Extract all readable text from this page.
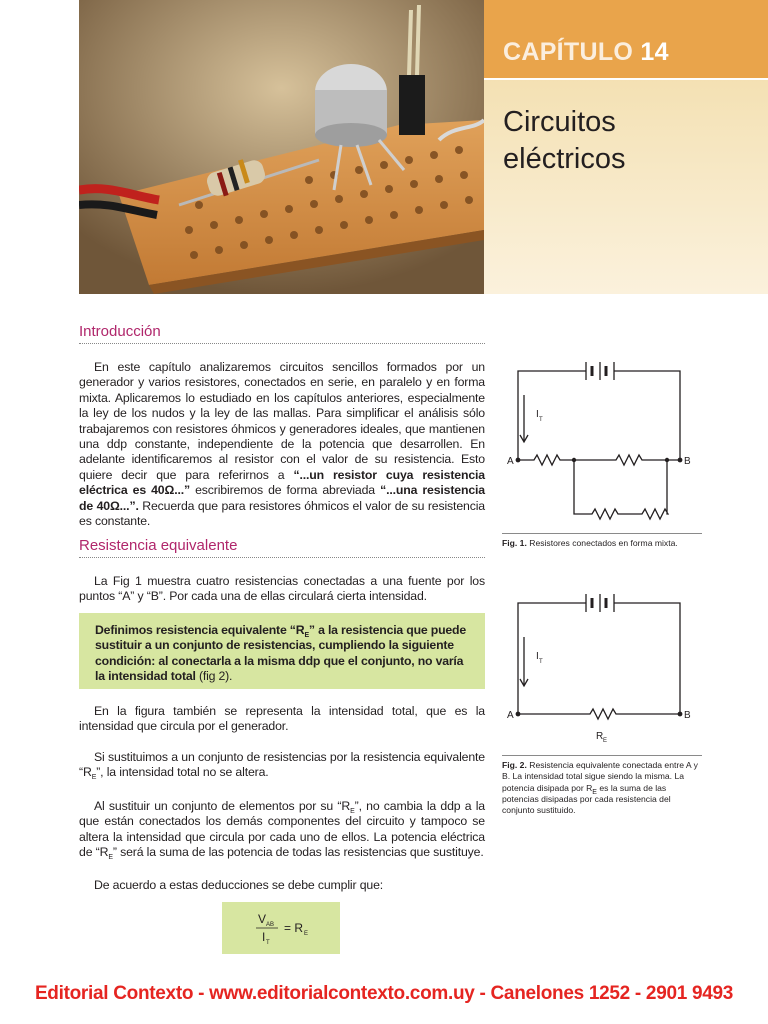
CAPÍTULO 14
Circuitos
eléctricos
Introducción

En este capítulo analizaremos circuitos sencillos formados por un generador y varios resistores, conectados en serie, en paralelo y en forma mixta. Aplicaremos lo estudiado en los capítulos anteriores, especialmente la ley de los nudos y la ley de las mallas. Para simplificar el análisis sólo trabajaremos con resistores óhmicos y generadores ideales, que mantienen una ddp constante, independiente de la potencia que desarrollen. En adelante identificaremos al resistor con el valor de su resistencia. Esto quiere decir que para referirnos a “...un resistor cuya resistencia eléctrica es 40Ω...” escribiremos de forma abreviada “...una resistencia de 40Ω...”. Recuerda que para resistores óhmicos el valor de su resistencia es constante.

Resistencia equivalente

La Fig 1 muestra cuatro resistencias conectadas a una fuente por los puntos “A” y “B”. Por cada una de ellas circulará cierta intensidad.

Definimos resistencia equivalente “$R_E$” a la resistencia que puede sustituir a un conjunto de resistencias, cumpliendo la siguiente condición: al conectarla a la misma ddp que el conjunto, no varía la intensidad total (fig 2).

En la figura también se representa la intensidad total, que es la intensidad que circula por el generador.

Si sustituimos a un conjunto de resistencias por la resistencia equivalente “$R_E$”, la intensidad total no se altera.

Al sustituir un conjunto de elementos por su “$R_E$”, no cambia la ddp a la que están conectados los demás componentes del circuito y tampoco se altera la intensidad que circula por cada uno de ellos. La potencia eléctrica de “$R_E$” será la suma de las potencia de todas las resistencias que sustituye.

De acuerdo a estas deducciones se debe cumplir que:

V AB
I T
= R E
I T
A	B
Fig. 1. Resistores conectados en forma mixta.
I T
A	B
R E
Fig. 2. Resistencia equivalente conectada entre A y B. La intensidad total sigue siendo la misma. La potencia disipada por $R_E$ es la suma de las potencias disipadas por cada resistencia del conjunto sustituido.
Editorial Contexto - www.editorialcontexto.com.uy - Canelones 1252 - 2901 9493
